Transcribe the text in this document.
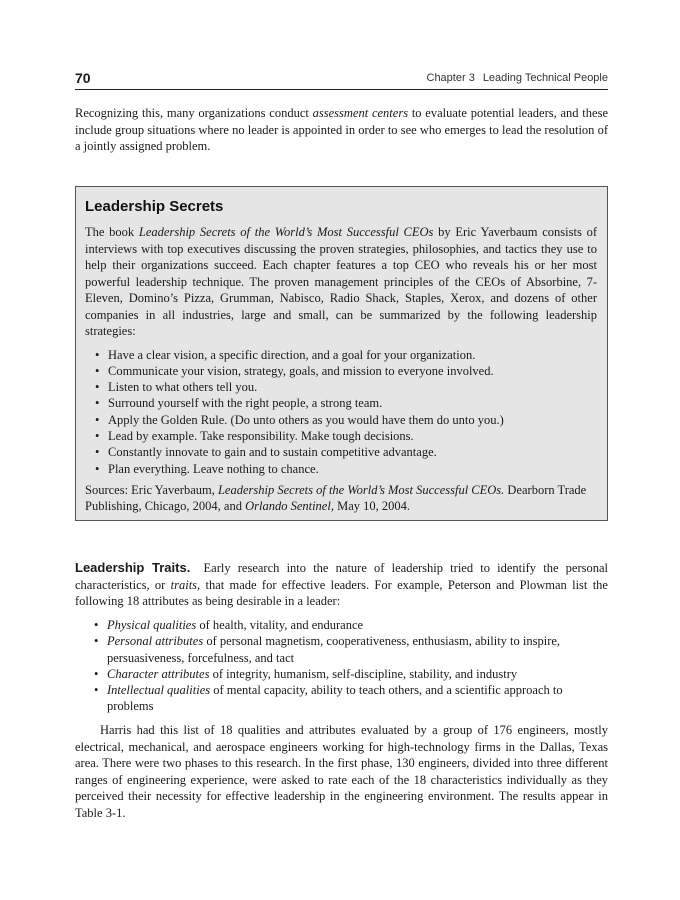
70	Chapter 3 Leading Technical People

Recognizing this, many organizations conduct assessment centers to evaluate potential leaders, and these include group situations where no leader is appointed in order to see who emerges to lead the resolution of a jointly assigned problem.

Leadership Secrets

The book Leadership Secrets of the World’s Most Successful CEOs by Eric Yaverbaum consists of interviews with top executives discussing the proven strategies, philosophies, and tactics they use to help their organizations succeed. Each chapter features a top CEO who reveals his or her most powerful leadership technique. The proven management principles of the CEOs of Absorbine, 7-Eleven, Domino’s Pizza, Grumman, Nabisco, Radio Shack, Staples, Xerox, and dozens of other companies in all industries, large and small, can be summarized by the following leadership strategies:

• Have a clear vision, a specific direction, and a goal for your organization.
• Communicate your vision, strategy, goals, and mission to everyone involved.
• Listen to what others tell you.
• Surround yourself with the right people, a strong team.
• Apply the Golden Rule. (Do unto others as you would have them do unto you.)
• Lead by example. Take responsibility. Make tough decisions.
• Constantly innovate to gain and to sustain competitive advantage.
• Plan everything. Leave nothing to chance.

Sources: Eric Yaverbaum, Leadership Secrets of the World’s Most Successful CEOs. Dearborn Trade Publishing, Chicago, 2004, and Orlando Sentinel, May 10, 2004.

Leadership Traits. Early research into the nature of leadership tried to identify the personal characteristics, or traits, that made for effective leaders. For example, Peterson and Plowman list the following 18 attributes as being desirable in a leader:

• Physical qualities of health, vitality, and endurance
• Personal attributes of personal magnetism, cooperativeness, enthusiasm, ability to inspire, persuasiveness, forcefulness, and tact
• Character attributes of integrity, humanism, self-discipline, stability, and industry
• Intellectual qualities of mental capacity, ability to teach others, and a scientific approach to problems

Harris had this list of 18 qualities and attributes evaluated by a group of 176 engineers, mostly electrical, mechanical, and aerospace engineers working for high-technology firms in the Dallas, Texas area. There were two phases to this research. In the first phase, 130 engineers, divided into three different ranges of engineering experience, were asked to rate each of the 18 characteristics individually as they perceived their necessity for effective leadership in the engineering environment. The results appear in Table 3-1.
